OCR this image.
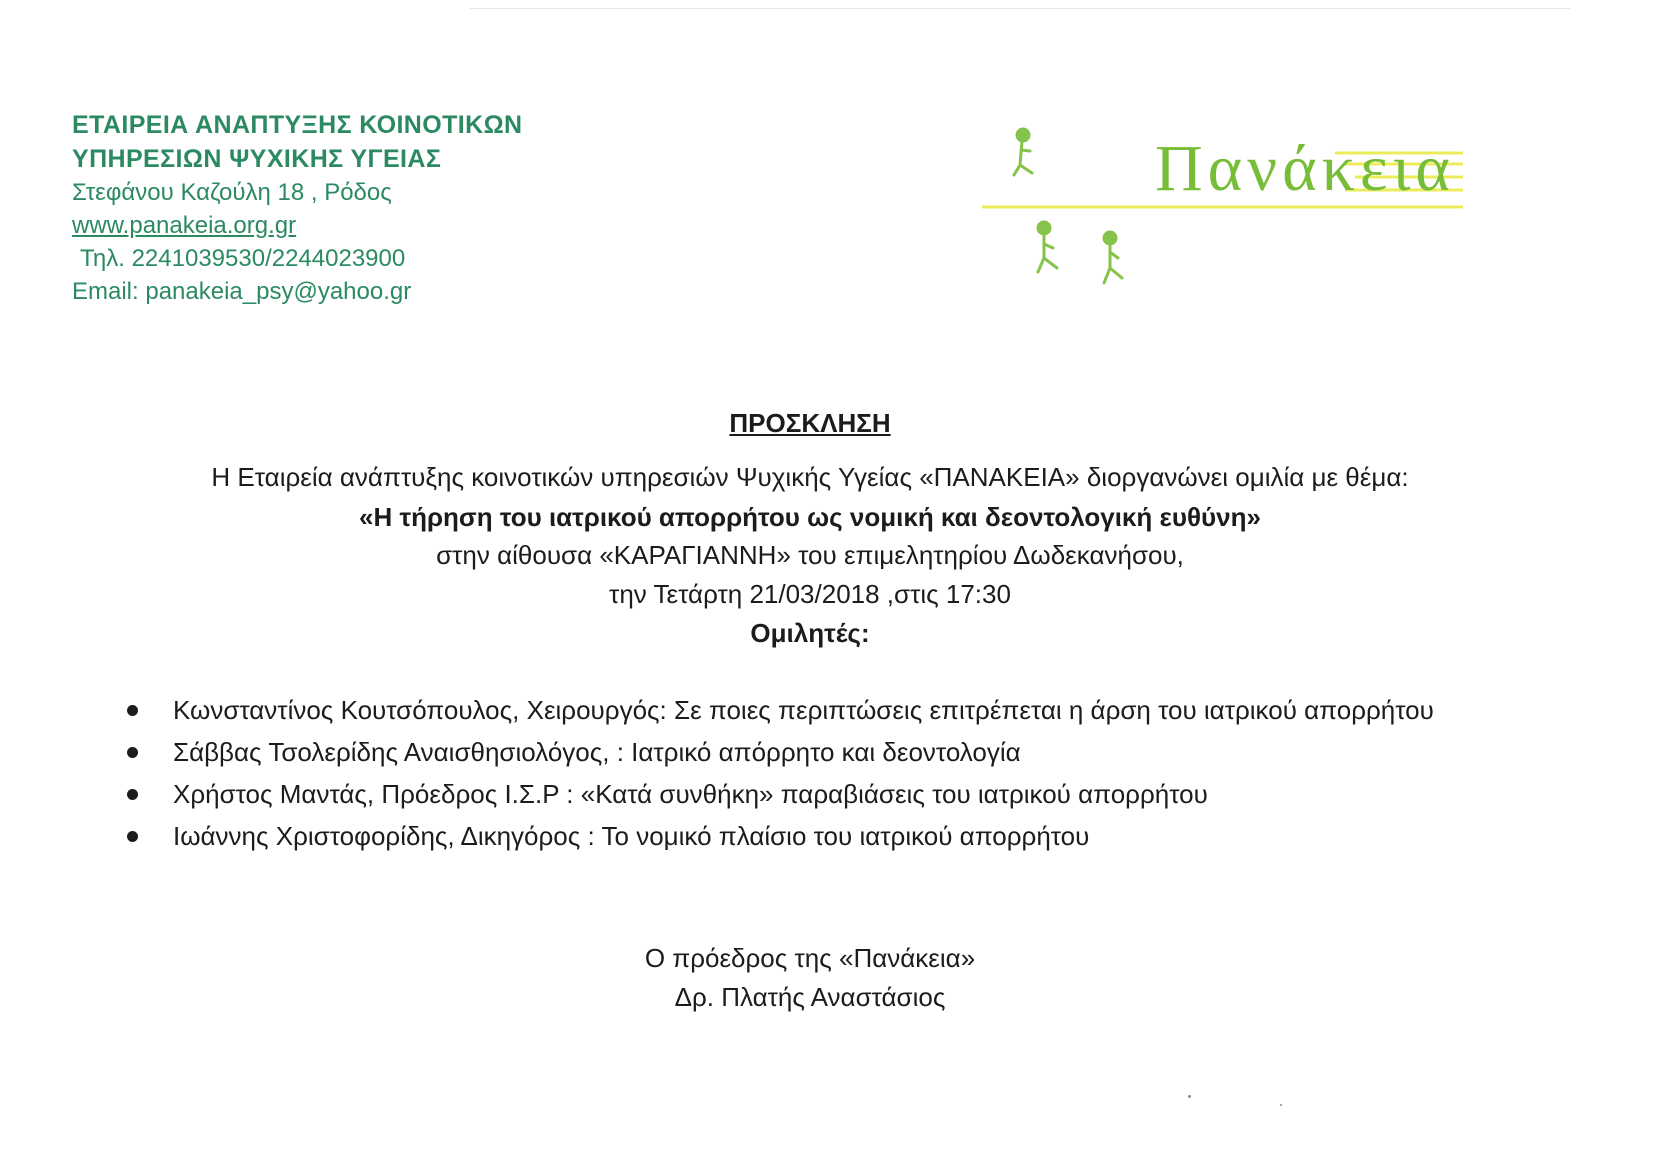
ΕΤΑΙΡΕΙΑ ΑΝΑΠΤΥΞΗΣ ΚΟΙΝΟΤΙΚΩΝ
ΥΠΗΡΕΣΙΩΝ ΨΥΧΙΚΗΣ ΥΓΕΙΑΣ
Στεφάνου Καζούλη 18 , Ρόδος
www.panakeia.org.gr
Τηλ. 2241039530/2244023900
Email: panakeia_psy@yahoo.gr
Πανάκεια
ΠΡΟΣΚΛΗΣΗ
Η Εταιρεία ανάπτυξης κοινοτικών υπηρεσιών Ψυχικής Υγείας «ΠΑΝΑΚΕΙΑ» διοργανώνει ομιλία με θέμα:
«Η τήρηση του ιατρικού απορρήτου ως νομική και δεοντολογική ευθύνη»
στην αίθουσα «ΚΑΡΑΓΙΑΝΝΗ» του επιμελητηρίου Δωδεκανήσου,
την Τετάρτη 21/03/2018 ,στις 17:30
Ομιλητές:
Κωνσταντίνος Κουτσόπουλος, Χειρουργός: Σε ποιες περιπτώσεις επιτρέπεται η άρση του ιατρικού απορρήτου
Σάββας Τσολερίδης Αναισθησιολόγος, : Ιατρικό απόρρητο και δεοντολογία
Χρήστος Μαντάς, Πρόεδρος Ι.Σ.Ρ : «Κατά συνθήκη» παραβιάσεις του ιατρικού απορρήτου
Ιωάννης Χριστοφορίδης, Δικηγόρος : Το νομικό πλαίσιο του ιατρικού απορρήτου
Ο πρόεδρος της «Πανάκεια»
Δρ. Πλατής Αναστάσιος
